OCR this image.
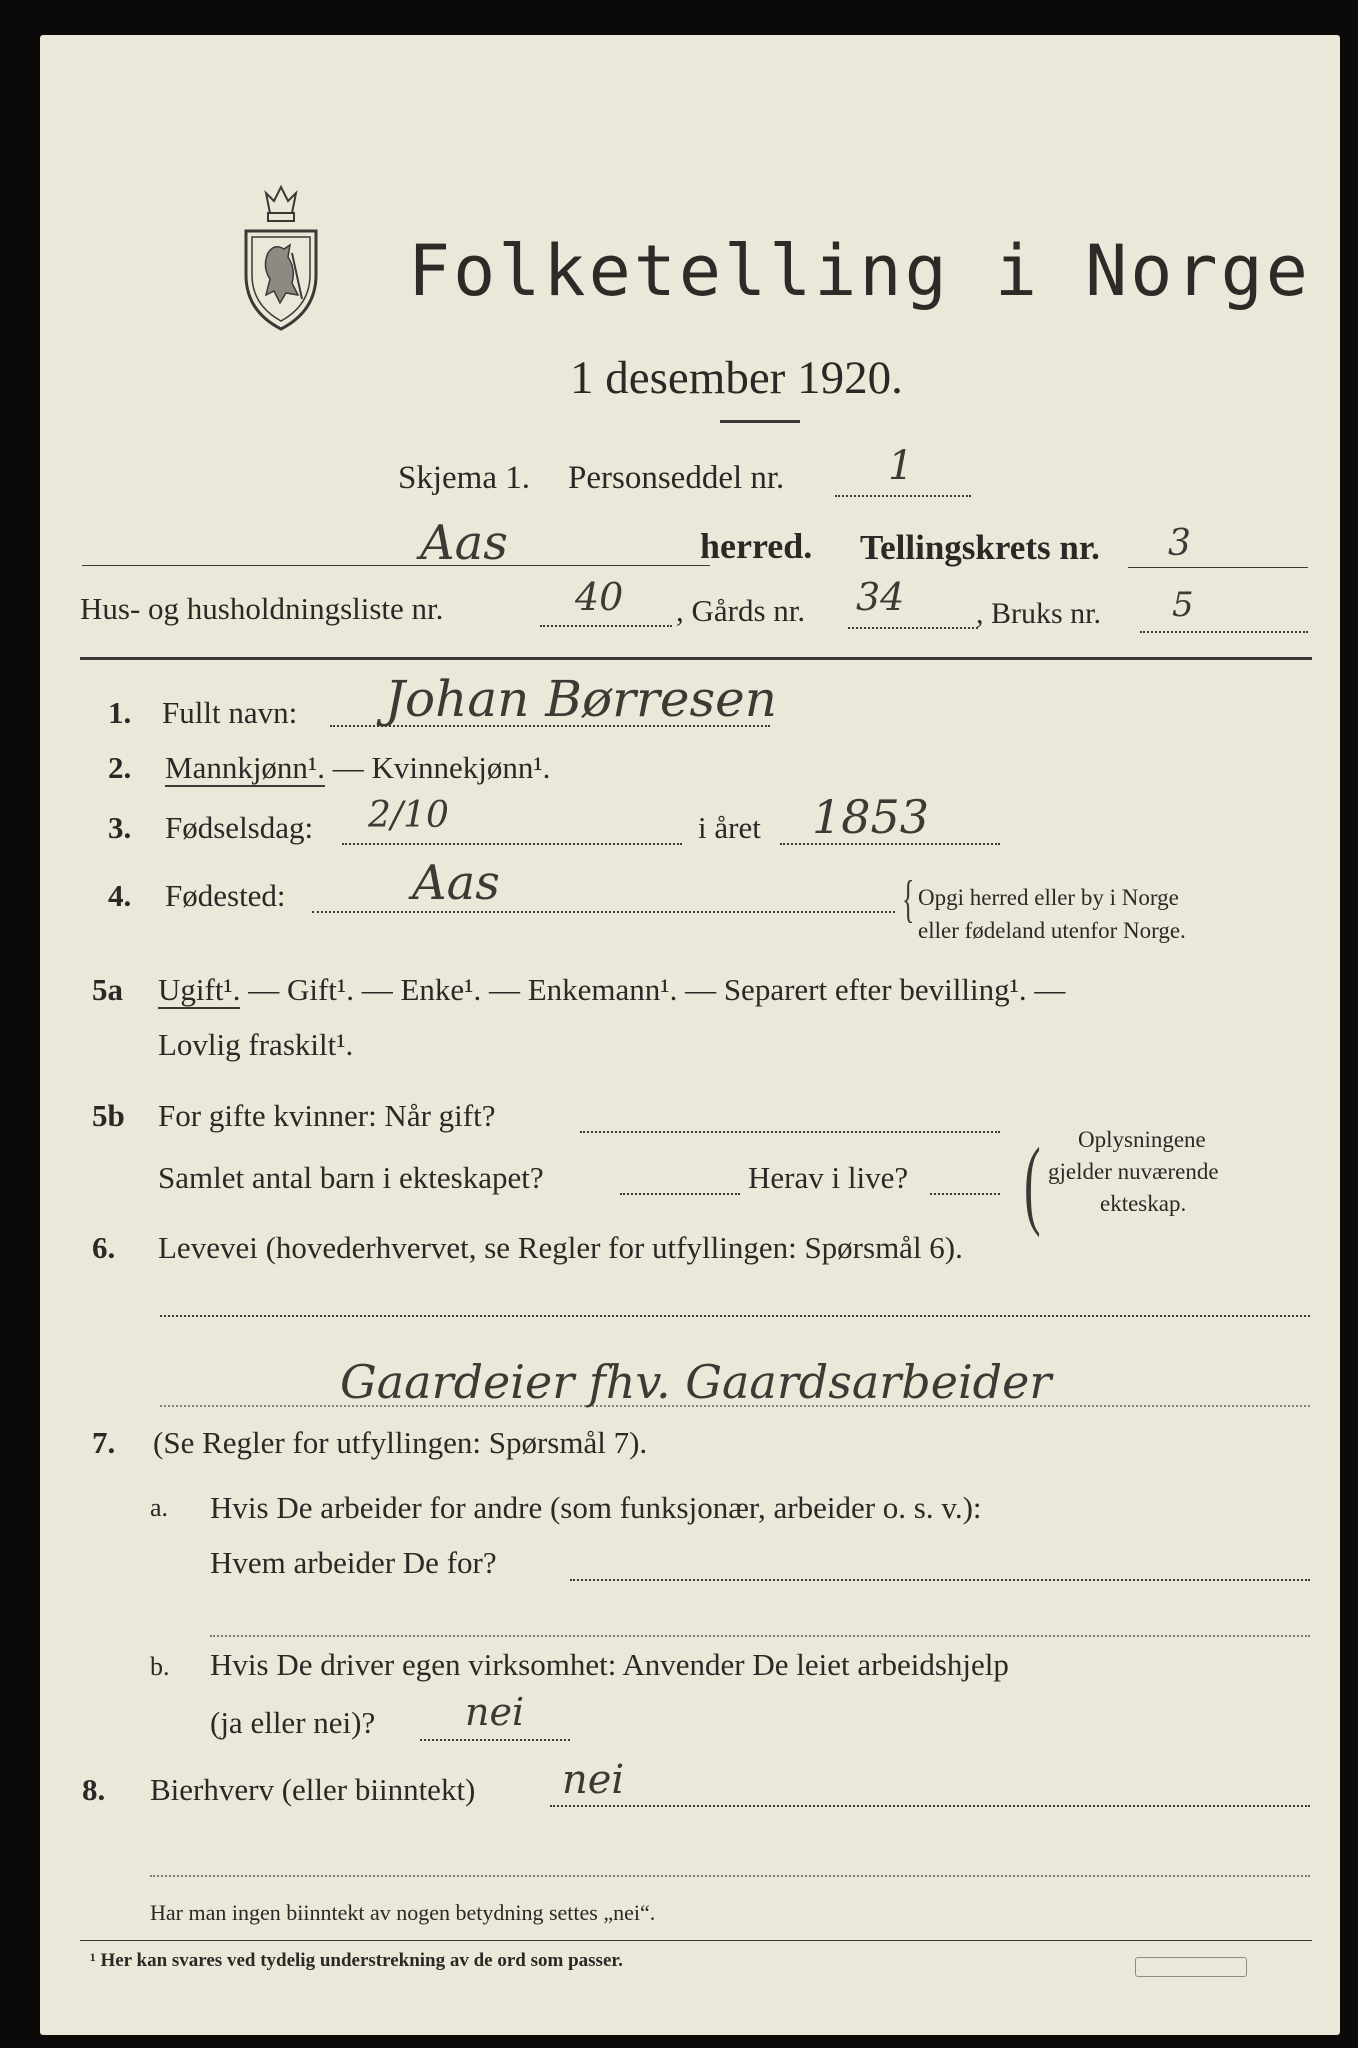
Folketelling i Norge
1 desember 1920.
Skjema 1. Personseddel nr.	1
Aas	herred. Tellingskrets nr. 3
Hus- og husholdningsliste nr.	40 , Gårds nr. 34 , Bruks nr. 5
1. Fullt navn: Johan Børresen
2. Mannkjønn¹. — Kvinnekjønn¹.
3. Fødselsdag: 2/10	i året 1853
4. Fødested:	Aas	{ Opgi herred eller by i Norge
eller fødeland utenfor Norge.
5a Ugift¹. — Gift¹. — Enke¹. — Enkemann¹. — Separert efter bevilling¹. —
Lovlig fraskilt¹.
5b For gifte kvinner: Når gift?
Samlet antal barn i ekteskapet?	Herav i live? ( Oplysningene
gjelder nuværende
ekteskap.
6. Levevei (hovederhvervet, se Regler for utfyllingen: Spørsmål 6).
Gaardeier fhv. Gaardsarbeider
7. (Se Regler for utfyllingen: Spørsmål 7).
a. Hvis De arbeider for andre (som funksjonær, arbeider o. s. v.):
Hvem arbeider De for?
b. Hvis De driver egen virksomhet: Anvender De leiet arbeidshjelp
(ja eller nei)? nei
8. Bierhverv (eller biinntekt) nei
Har man ingen biinntekt av nogen betydning settes „nei“.
¹ Her kan svares ved tydelig understrekning av de ord som passer.
